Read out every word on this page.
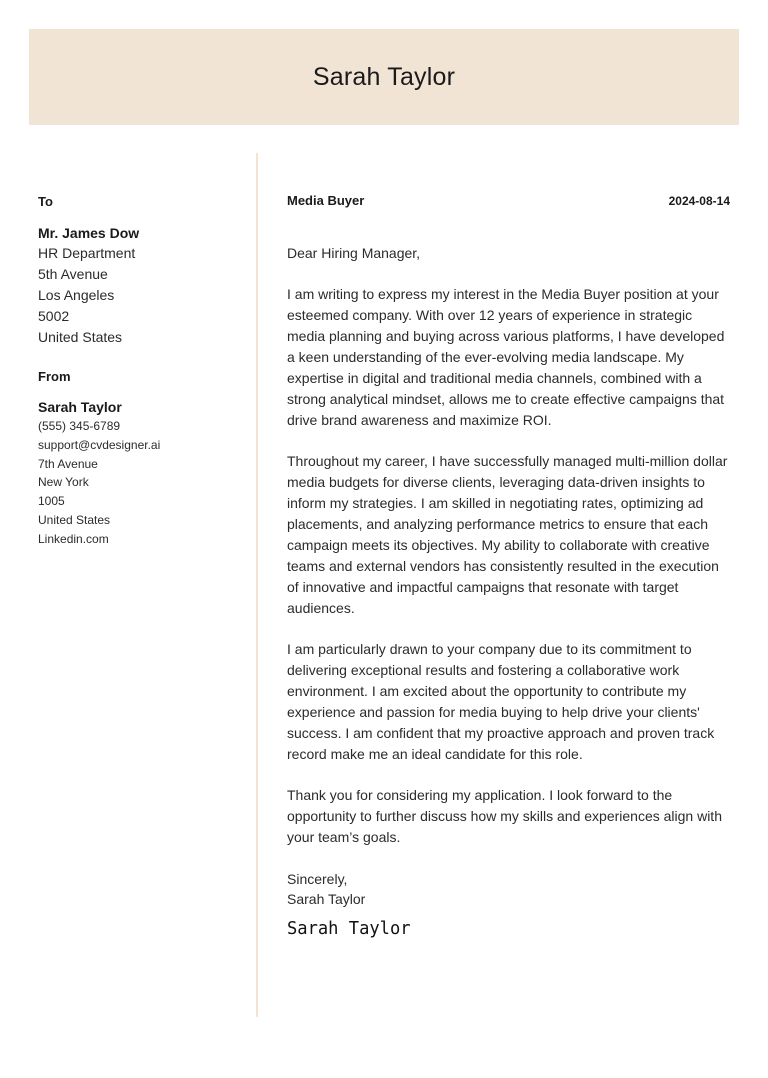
Sarah Taylor
To
Mr. James Dow
HR Department
5th Avenue
Los Angeles
5002
United States
From
Sarah Taylor
(555) 345-6789
support@cvdesigner.ai
7th Avenue
New York
1005
United States
Linkedin.com
Media Buyer	2024-08-14
Dear Hiring Manager,
I am writing to express my interest in the Media Buyer position at your esteemed company. With over 12 years of experience in strategic media planning and buying across various platforms, I have developed a keen understanding of the ever-evolving media landscape. My expertise in digital and traditional media channels, combined with a strong analytical mindset, allows me to create effective campaigns that drive brand awareness and maximize ROI.
Throughout my career, I have successfully managed multi-million dollar media budgets for diverse clients, leveraging data-driven insights to inform my strategies. I am skilled in negotiating rates, optimizing ad placements, and analyzing performance metrics to ensure that each campaign meets its objectives. My ability to collaborate with creative teams and external vendors has consistently resulted in the execution of innovative and impactful campaigns that resonate with target audiences.
I am particularly drawn to your company due to its commitment to delivering exceptional results and fostering a collaborative work environment. I am excited about the opportunity to contribute my experience and passion for media buying to help drive your clients' success. I am confident that my proactive approach and proven track record make me an ideal candidate for this role.
Thank you for considering my application. I look forward to the opportunity to further discuss how my skills and experiences align with your team’s goals.
Sincerely,
Sarah Taylor
Sarah Taylor
